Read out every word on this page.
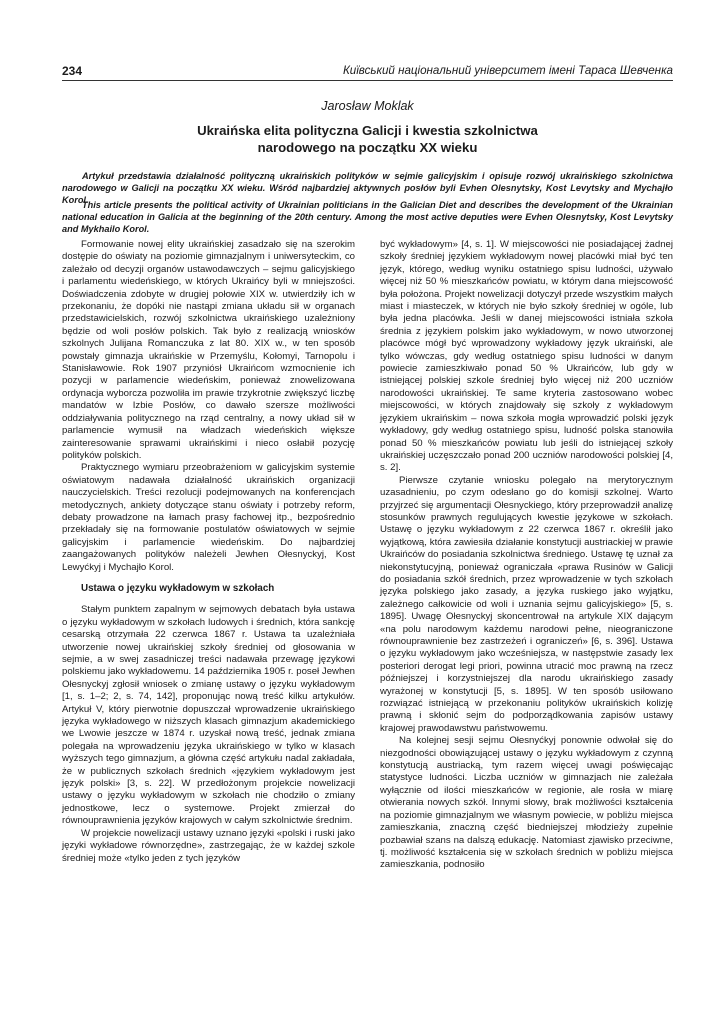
234	Київський національний університет імені Тараса Шевченка
Jarosław Moklak
Ukraińska elita polityczna Galicji i kwestia szkolnictwa
narodowego na początku XX wieku
Artykuł przedstawia działalność polityczną ukraińskich polityków w sejmie galicyjskim i opisuje rozwój ukraińskiego szkolnictwa narodowego w Galicji na początku XX wieku. Wśród najbardziej aktywnych posłów byli Evhen Olesnytsky, Kost Levytsky and Mychajło Korol.
This article presents the political activity of Ukrainian politicians in the Galician Diet and describes the development of the Ukrainian national education in Galicia at the beginning of the 20th century. Among the most active deputies were Evhen Olesnytsky, Kost Levytsky and Mykhailo Korol.

Formowanie nowej elity ukraińskiej zasadzało się na szerokim dostępie do oświaty na poziomie gimnazjalnym i uniwersyteckim, co zależało od decyzji organów ustawodawczych – sejmu galicyjskiego i parlamentu wiedeńskiego, w których Ukraińcy byli w mniejszości. Doświadczenia zdobyte w drugiej połowie XIX w. utwierdziły ich w przekonaniu, że dopóki nie nastąpi zmiana układu sił w organach przedstawicielskich, rozwój szkolnictwa ukraińskiego uzależniony będzie od woli posłów polskich. Tak było z realizacją wniosków szkolnych Julijana Romanczuka z lat 80. XIX w., w ten sposób powstały gimnazja ukraińskie w Przemyślu, Kołomyi, Tarnopolu i Stanisławowie. Rok 1907 przyniósł Ukraińcom wzmocnienie ich pozycji w parlamencie wiedeńskim, ponieważ znowelizowana ordynacja wyborcza pozwoliła im prawie trzykrotnie zwiększyć liczbę mandatów w Izbie Posłów, co dawało szersze możliwości oddziaływania politycznego na rząd centralny, a nowy układ sił w parlamencie wymusił na władzach wiedeńskich większe zainteresowanie sprawami ukraińskimi i nieco osłabił pozycję polityków polskich.

Praktycznego wymiaru przeobrażeniom w galicyjskim systemie oświatowym nadawała działalność ukraińskich organizacji nauczycielskich. Treści rezolucji podejmowanych na konferencjach metodycznych, ankiety dotyczące stanu oświaty i potrzeby reform, debaty prowadzone na łamach prasy fachowej itp., bezpośrednio przekładały się na formowanie postulatów oświatowych w sejmie galicyjskim i parlamencie wiedeńskim. Do najbardziej zaangażowanych polityków należeli Jewhen Ołesnyckyj, Kost Lewyćkyj i Mychajło Korol.

Ustawa o języku wykładowym w szkołach

Stałym punktem zapalnym w sejmowych debatach była ustawa o języku wykładowym w szkołach ludowych i średnich, która sankcję cesarską otrzymała 22 czerwca 1867 r. Ustawa ta uzależniała utworzenie nowej ukraińskiej szkoły średniej od głosowania w sejmie, a w swej zasadniczej treści nadawała przewagę językowi polskiemu jako wykładowemu. 14 października 1905 r. poseł Jewhen Ołesnyckyj zgłosił wniosek o zmianę ustawy o języku wykładowym [1, s. 1–2; 2, s. 74, 142], proponując nową treść kilku artykułów. Artykuł V, który pierwotnie dopuszczał wprowadzenie ukraińskiego języka wykładowego w niższych klasach gimnazjum akademickiego we Lwowie jeszcze w 1874 r. uzyskał nową treść, jednak zmiana polegała na wprowadzeniu języka ukraińskiego w tylko w klasach wyższych tego gimnazjum, a główna część artykułu nadal zakładała, że w publicznych szkołach średnich «językiem wykładowym jest język polski» [3, s. 22]. W przedłożonym projekcie nowelizacji ustawy o języku wykładowym w szkołach nie chodziło o zmiany jednostkowe, lecz o systemowe. Projekt zmierzał do równouprawnienia języków krajowych w całym szkolnictwie średnim.

W projekcie nowelizacji ustawy uznano języki «polski i ruski jako języki wykładowe równorzędne», zastrzegając, że w każdej szkole średniej może «tylko jeden z tych języków

być wykładowym» [4, s. 1]. W miejscowości nie posiadającej żadnej szkoły średniej językiem wykładowym nowej placówki miał być ten język, którego, według wyniku ostatniego spisu ludności, używało więcej niż 50 % mieszkańców powiatu, w którym dana miejscowość była położona. Projekt nowelizacji dotyczył przede wszystkim małych miast i miasteczek, w których nie było szkoły średniej w ogóle, lub była jedna placówka. Jeśli w danej miejscowości istniała szkoła średnia z językiem polskim jako wykładowym, w nowo utworzonej placówce mógł być wprowadzony wykładowy język ukraiński, ale tylko wówczas, gdy według ostatniego spisu ludności w danym powiecie zamieszkiwało ponad 50 % Ukraińców, lub gdy w istniejącej polskiej szkole średniej było więcej niż 200 uczniów narodowości ukraińskiej. Te same kryteria zastosowano wobec miejscowości, w których znajdowały się szkoły z wykładowym językiem ukraińskim – nowa szkoła mogła wprowadzić polski język wykładowy, gdy według ostatniego spisu, ludność polska stanowiła ponad 50 % mieszkańców powiatu lub jeśli do istniejącej szkoły ukraińskiej uczęszczało ponad 200 uczniów narodowości polskiej [4, s. 2].

Pierwsze czytanie wniosku polegało na merytorycznym uzasadnieniu, po czym odesłano go do komisji szkolnej. Warto przyjrzeć się argumentacji Ołesnyckiego, który przeprowadził analizę stosunków prawnych regulujących kwestie językowe w szkołach. Ustawę o języku wykładowym z 22 czerwca 1867 r. określił jako wyjątkową, która zawiesiła działanie konstytucji austriackiej w prawie Ukraińców do posiadania szkolnictwa średniego. Ustawę tę uznał za niekonstytucyjną, ponieważ ograniczała «prawa Rusinów w Galicji do posiadania szkół średnich, przez wprowadzenie w tych szkołach języka polskiego jako zasady, a języka ruskiego jako wyjątku, zależnego całkowicie od woli i uznania sejmu galicyjskiego» [5, s. 1895]. Uwagę Ołesnyckyj skoncentrował na artykule XIX dającym «na polu narodowym każdemu narodowi pełne, nieograniczone równouprawnienie bez zastrzeżeń i ograniczeń» [6, s. 396]. Ustawa o języku wykładowym jako wcześniejsza, w następstwie zasady lex posteriori derogat legi priori, powinna utracić moc prawną na rzecz późniejszej i korzystniejszej dla narodu ukraińskiego zasady wyrażonej w konstytucji [5, s. 1895]. W ten sposób usiłowano rozwiązać istniejącą w przekonaniu polityków ukraińskich kolizję prawną i skłonić sejm do podporządkowania zapisów ustawy krajowej prawodawstwu państwowemu.

Na kolejnej sesji sejmu Ołesnyćkyj ponownie odwołał się do niezgodności obowiązującej ustawy o języku wykładowym z czynną konstytucją austriacką, tym razem więcej uwagi poświęcając statystyce ludności. Liczba uczniów w gimnazjach nie zależała wyłącznie od ilości mieszkańców w regionie, ale rosła w miarę otwierania nowych szkół. Innymi słowy, brak możliwości kształcenia na poziomie gimnazjalnym we własnym powiecie, w pobliżu miejsca zamieszkania, znaczną część biedniejszej młodzieży zupełnie pozbawiał szans na dalszą edukację. Natomiast zjawisko przeciwne, tj. możliwość kształcenia się w szkołach średnich w pobliżu miejsca zamieszkania, podnosiło
